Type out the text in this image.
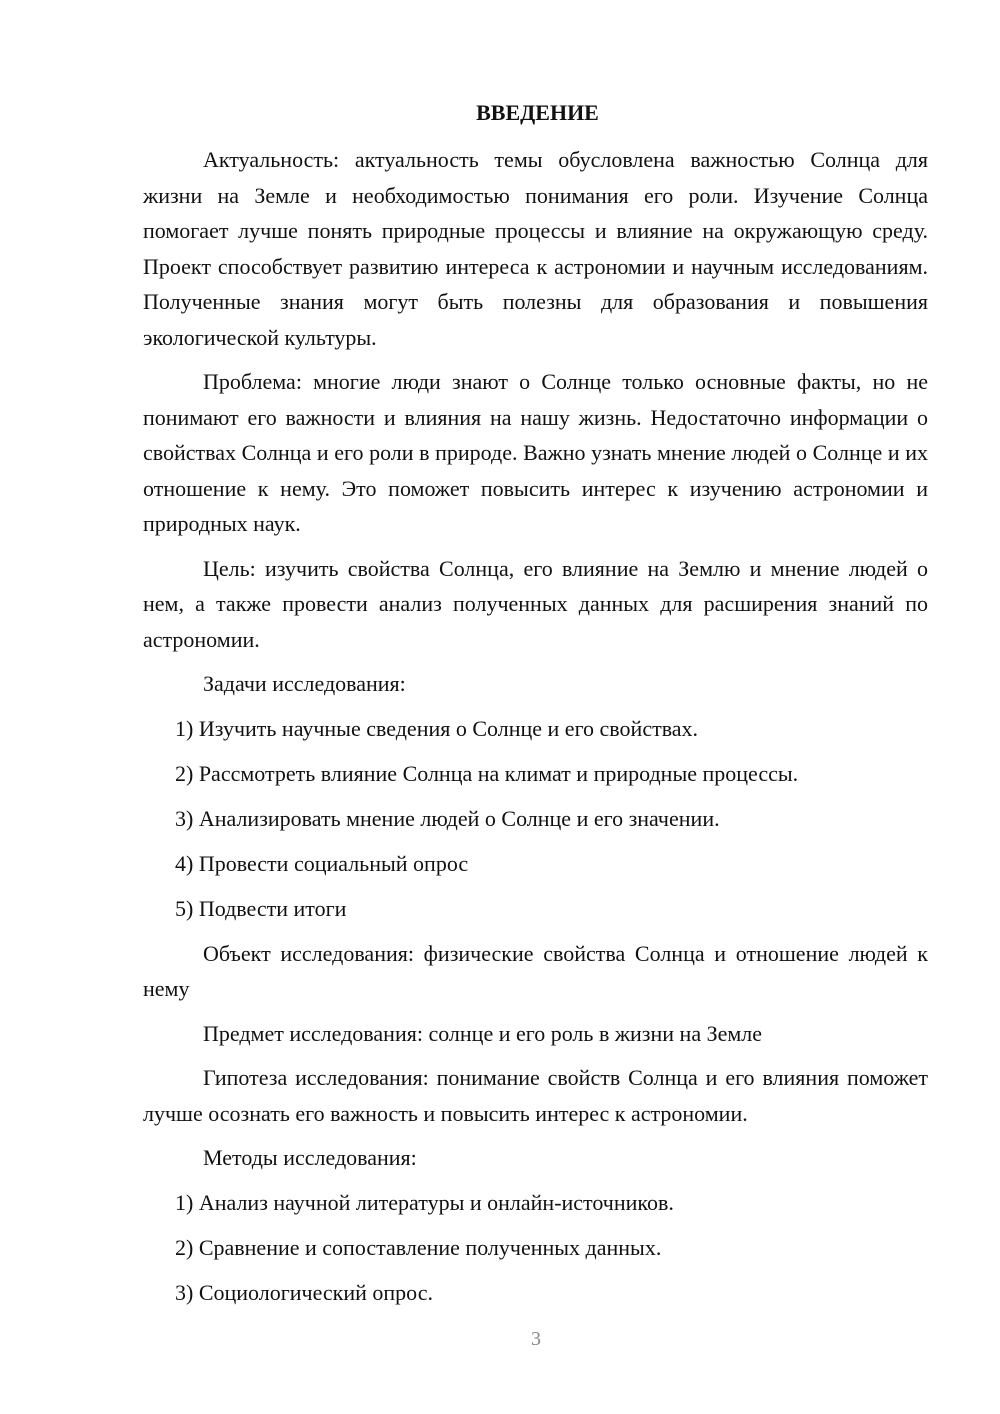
ВВЕДЕНИЕ

Актуальность: актуальность темы обусловлена важностью Солнца для жизни на Земле и необходимостью понимания его роли. Изучение Солнца помогает лучше понять природные процессы и влияние на окружающую среду. Проект способствует развитию интереса к астрономии и научным исследованиям. Полученные знания могут быть полезны для образования и повышения экологической культуры.

Проблема: многие люди знают о Солнце только основные факты, но не понимают его важности и влияния на нашу жизнь. Недостаточно информации о свойствах Солнца и его роли в природе. Важно узнать мнение людей о Солнце и их отношение к нему. Это поможет повысить интерес к изучению астрономии и природных наук.

Цель: изучить свойства Солнца, его влияние на Землю и мнение людей о нем, а также провести анализ полученных данных для расширения знаний по астрономии.

Задачи исследования:

1) Изучить научные сведения о Солнце и его свойствах.
2) Рассмотреть влияние Солнца на климат и природные процессы.
3) Анализировать мнение людей о Солнце и его значении.
4) Провести социальный опрос
5) Подвести итоги

Объект исследования: физические свойства Солнца и отношение людей к нему

Предмет исследования: солнце и его роль в жизни на Земле

Гипотеза исследования: понимание свойств Солнца и его влияния поможет лучше осознать его важность и повысить интерес к астрономии.

Методы исследования:

1) Анализ научной литературы и онлайн-источников.
2) Сравнение и сопоставление полученных данных.
3) Социологический опрос.
3
